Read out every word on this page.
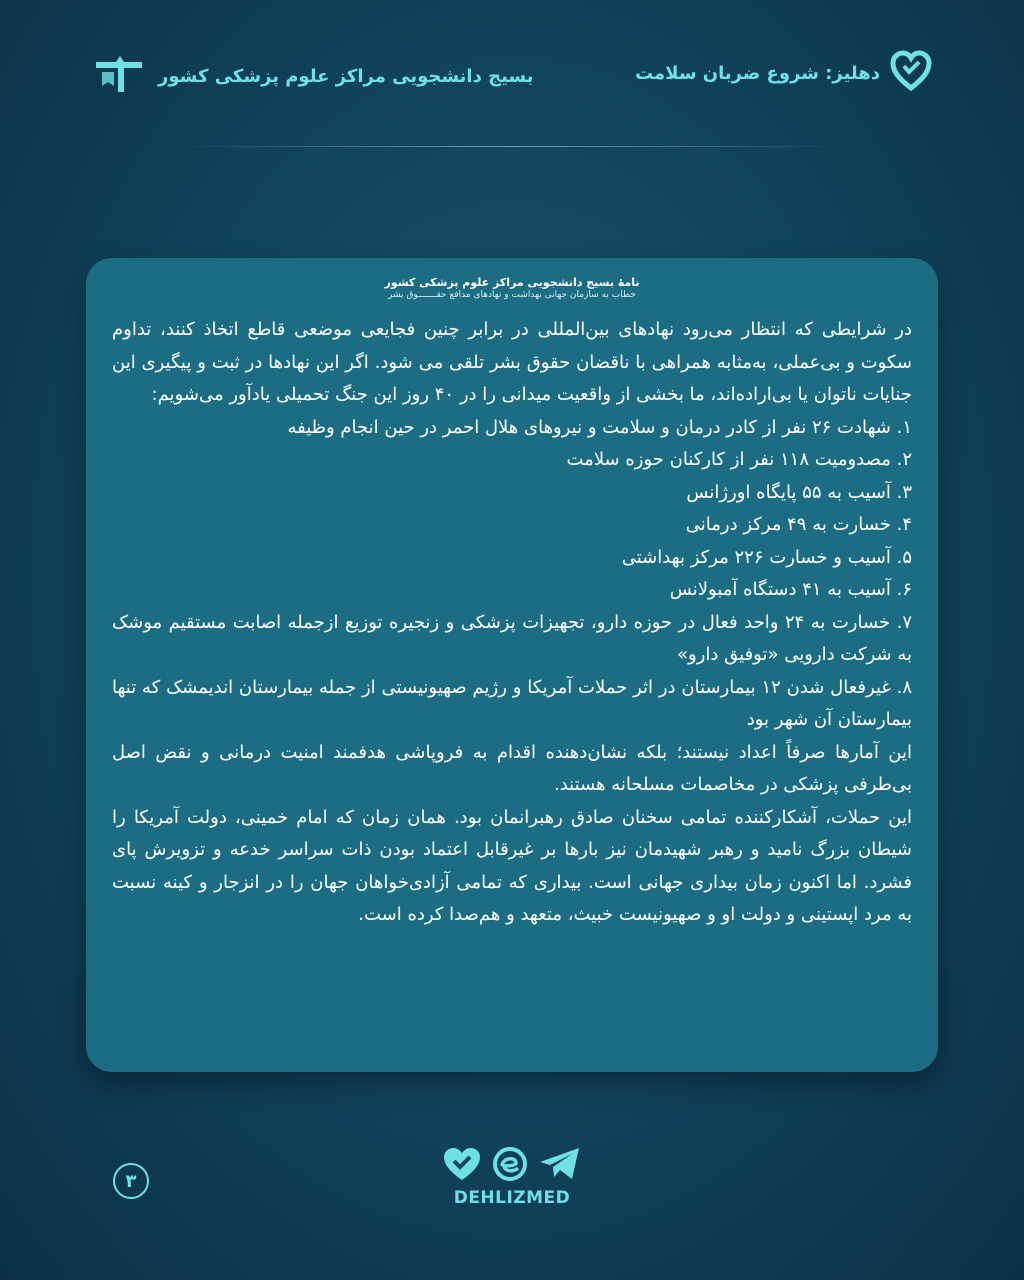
بسیج دانشجویی مراکز علوم پزشکی کشور	دهلیز: شروع ضربان سلامت
نامهٔ بسیج دانشجویی مراکز علوم پزشکی کشور
خطاب به سازمان جهانی بهداشت و نهادهای مدافع حقـــــــوق بشر

در شرایطی که انتظار می‌رود نهادهای بین‌المللی در برابر چنین فجایعی موضعی قاطع اتخاذ کنند، تداوم سکوت و بی‌عملی، به‌مثابه همراهی با ناقضان حقوق بشر تلقی می شود. اگر این نهادها در ثبت و پیگیری این جنایات ناتوان یا بی‌اراده‌اند، ما بخشی از واقعیت میدانی را در ۴۰ روز این جنگ تحمیلی یادآور می‌شویم:

۱. شهادت ۲۶ نفر از کادر درمان و سلامت و نیروهای هلال احمر در حین انجام وظیفه

۲. مصدومیت ۱۱۸ نفر از کارکنان حوزه سلامت

۳. آسیب به ۵۵ پایگاه اورژانس

۴. خسارت به ۴۹ مرکز درمانی

۵. آسیب و خسارت ۲۲۶ مرکز بهداشتی

۶. آسیب به ۴۱ دستگاه آمبولانس

۷. خسارت به ۲۴ واحد فعال در حوزه دارو، تجهیزات پزشکی و زنجیره توزیع ازجمله اصابت مستقیم موشک به شرکت دارویی «توفیق دارو»

۸. غیرفعال شدن ۱۲ بیمارستان در اثر حملات آمریکا و رژیم صهیونیستی از جمله بیمارستان اندیمشک که تنها بیمارستان آن شهر بود

این آمارها صرفاً اعداد نیستند؛ بلکه نشان‌دهنده اقدام به فروپاشی هدفمند امنیت درمانی و نقض اصل بی‌طرفی پزشکی در مخاصمات مسلحانه هستند.

این حملات، آشکارکننده تمامی سخنان صادق رهبرانمان بود. همان زمان که امام خمینی، دولت آمریکا را شیطان بزرگ نامید و رهبر شهیدمان نیز بارها بر غیرقابل اعتماد بودن ذات سراسر خدعه و تزویرش پای فشرد. اما اکنون زمان بیداری جهانی است. بیداری که تمامی آزادی‌خواهان جهان را در انزجار و کینه نسبت به مرد اپستینی و دولت او و صهیونیست خبیث، متعهد و هم‌صدا کرده است.

۳
DEHLIZMED
